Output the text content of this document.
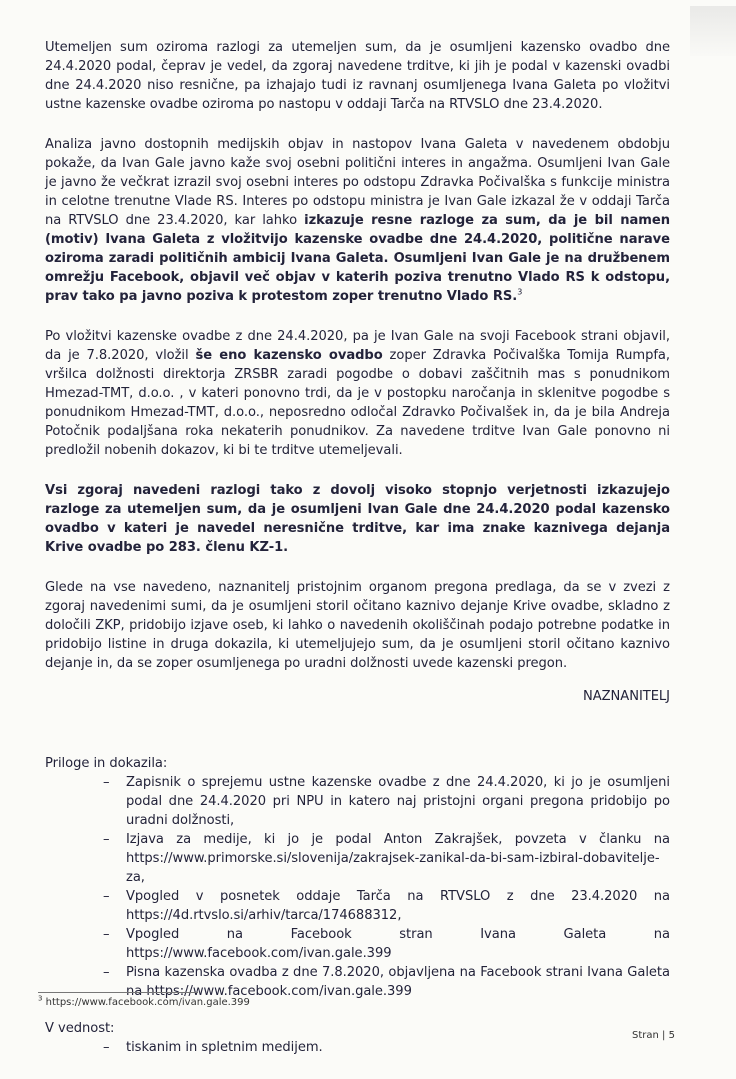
Utemeljen sum oziroma razlogi za utemeljen sum, da je osumljeni kazensko ovadbo dne 24.4.2020 podal, čeprav je vedel, da zgoraj navedene trditve, ki jih je podal v kazenski ovadbi dne 24.4.2020 niso resnične, pa izhajajo tudi iz ravnanj osumljenega Ivana Galeta po vložitvi ustne kazenske ovadbe oziroma po nastopu v oddaji Tarča na RTVSLO dne 23.4.2020.

Analiza javno dostopnih medijskih objav in nastopov Ivana Galeta v navedenem obdobju pokaže, da Ivan Gale javno kaže svoj osebni politični interes in angažma. Osumljeni Ivan Gale je javno že večkrat izrazil svoj osebni interes po odstopu Zdravka Počivalška s funkcije ministra in celotne trenutne Vlade RS. Interes po odstopu ministra je Ivan Gale izkazal že v oddaji Tarča na RTVSLO dne 23.4.2020, kar lahko izkazuje resne razloge za sum, da je bil namen (motiv) Ivana Galeta z vložitvijo kazenske ovadbe dne 24.4.2020, politične narave oziroma zaradi političnih ambicij Ivana Galeta. Osumljeni Ivan Gale je na družbenem omrežju Facebook, objavil več objav v katerih poziva trenutno Vlado RS k odstopu, prav tako pa javno poziva k protestom zoper trenutno Vlado RS.$^3$

Po vložitvi kazenske ovadbe z dne 24.4.2020, pa je Ivan Gale na svoji Facebook strani objavil, da je 7.8.2020, vložil še eno kazensko ovadbo zoper Zdravka Počivalška Tomija Rumpfa, vršilca dolžnosti direktorja ZRSBR zaradi pogodbe o dobavi zaščitnih mas s ponudnikom Hmezad-TMT, d.o.o. , v kateri ponovno trdi, da je v postopku naročanja in sklenitve pogodbe s ponudnikom Hmezad-TMT, d.o.o., neposredno odločal Zdravko Počivalšek in, da je bila Andreja Potočnik podaljšana roka nekaterih ponudnikov. Za navedene trditve Ivan Gale ponovno ni predložil nobenih dokazov, ki bi te trditve utemeljevali.

Vsi zgoraj navedeni razlogi tako z dovolj visoko stopnjo verjetnosti izkazujejo razloge za utemeljen sum, da je osumljeni Ivan Gale dne 24.4.2020 podal kazensko ovadbo v kateri je navedel neresnične trditve, kar ima znake kaznivega dejanja Krive ovadbe po 283. členu KZ-1.

Glede na vse navedeno, naznanitelj pristojnim organom pregona predlaga, da se v zvezi z zgoraj navedenimi sumi, da je osumljeni storil očitano kaznivo dejanje Krive ovadbe, skladno z določili ZKP, pridobijo izjave oseb, ki lahko o navedenih okoliščinah podajo potrebne podatke in pridobijo listine in druga dokazila, ki utemeljujejo sum, da je osumljeni storil očitano kaznivo dejanje in, da se zoper osumljenega po uradni dolžnosti uvede kazenski pregon.

NAZNANITELJ

Priloge in dokazila:

– Zapisnik o sprejemu ustne kazenske ovadbe z dne 24.4.2020, ki jo je osumljeni podal dne 24.4.2020 pri NPU in katero naj pristojni organi pregona pridobijo po uradni dolžnosti,
– Izjava za medije, ki jo je podal Anton Zakrajšek, povzeta v članku na https://www.primorske.si/slovenija/zakrajsek-zanikal-da-bi-sam-izbiral-dobavitelje-za,
– Vpogled v posnetek oddaje Tarča na RTVSLO z dne 23.4.2020 na https://4d.rtvslo.si/arhiv/tarca/174688312,
– Vpogled na Facebook stran Ivana Galeta na https://www.facebook.com/ivan.gale.399
– Pisna kazenska ovadba z dne 7.8.2020, objavljena na Facebook strani Ivana Galeta na https://www.facebook.com/ivan.gale.399

V vednost:

– tiskanim in spletnim medijem.
$^3$ https://www.facebook.com/ivan.gale.399
Stran | 5
